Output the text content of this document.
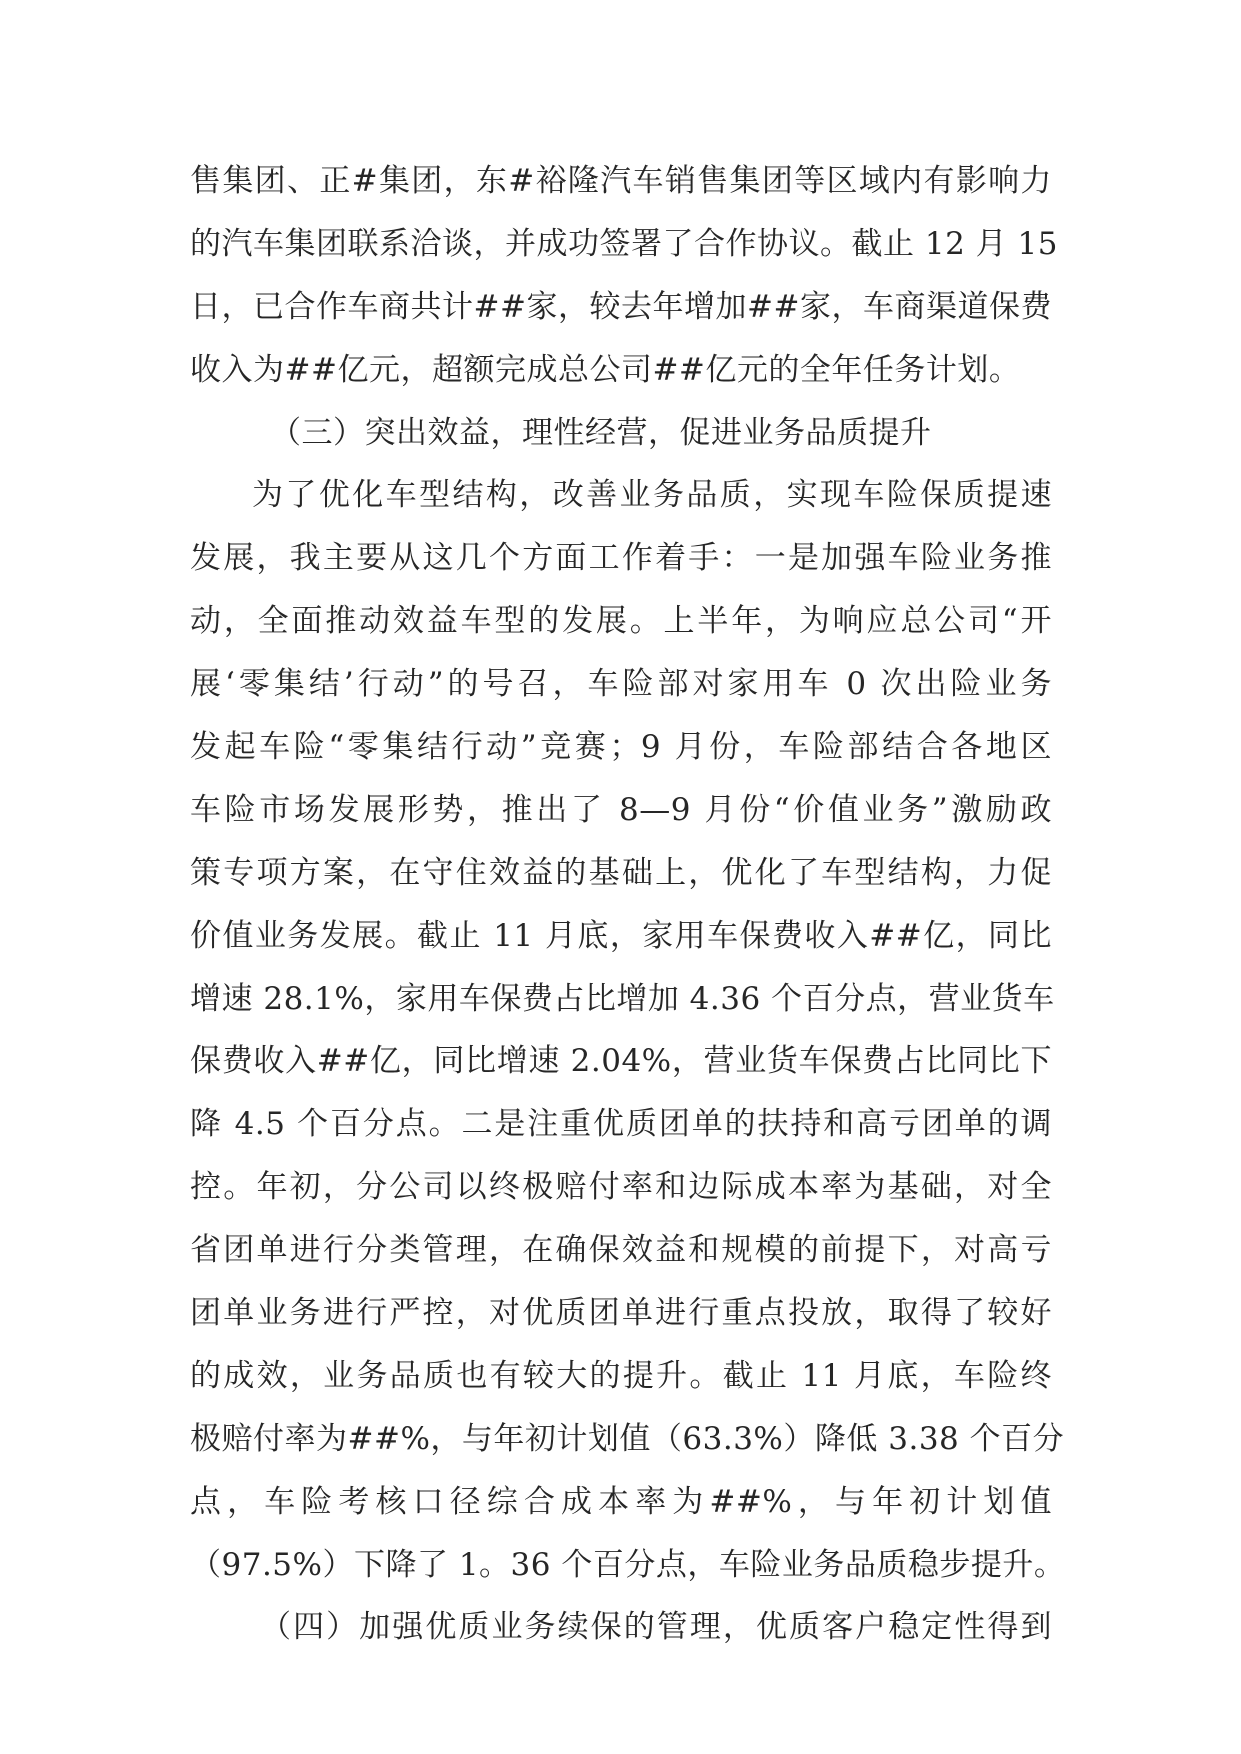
售集团、正#集团，东#裕隆汽车销售集团等区域内有影响力
的汽车集团联系洽谈，并成功签署了合作协议。截止 12 月 15
日，已合作车商共计##家，较去年增加##家，车商渠道保费
收入为##亿元，超额完成总公司##亿元的全年任务计划。
（三）突出效益，理性经营，促进业务品质提升
为了优化车型结构，改善业务品质，实现车险保质提速
发展，我主要从这几个方面工作着手：一是加强车险业务推
动，全面推动效益车型的发展。上半年，为响应总公司“开
展‘零集结’行动”的号召，车险部对家用车 0 次出险业务
发起车险“零集结行动”竞赛；9 月份，车险部结合各地区
车险市场发展形势，推出了 8—9 月份“价值业务”激励政
策专项方案，在守住效益的基础上，优化了车型结构，力促
价值业务发展。截止 11 月底，家用车保费收入##亿，同比
增速 28.1%，家用车保费占比增加 4.36 个百分点，营业货车
保费收入##亿，同比增速 2.04%，营业货车保费占比同比下
降 4.5 个百分点。二是注重优质团单的扶持和高亏团单的调
控。年初，分公司以终极赔付率和边际成本率为基础，对全
省团单进行分类管理，在确保效益和规模的前提下，对高亏
团单业务进行严控，对优质团单进行重点投放，取得了较好
的成效，业务品质也有较大的提升。截止 11 月底，车险终
极赔付率为##%，与年初计划值（63.3%）降低 3.38 个百分
点，车险考核口径综合成本率为##%，与年初计划值
（97.5%）下降了 1。36 个百分点，车险业务品质稳步提升。
（四）加强优质业务续保的管理，优质客户稳定性得到
